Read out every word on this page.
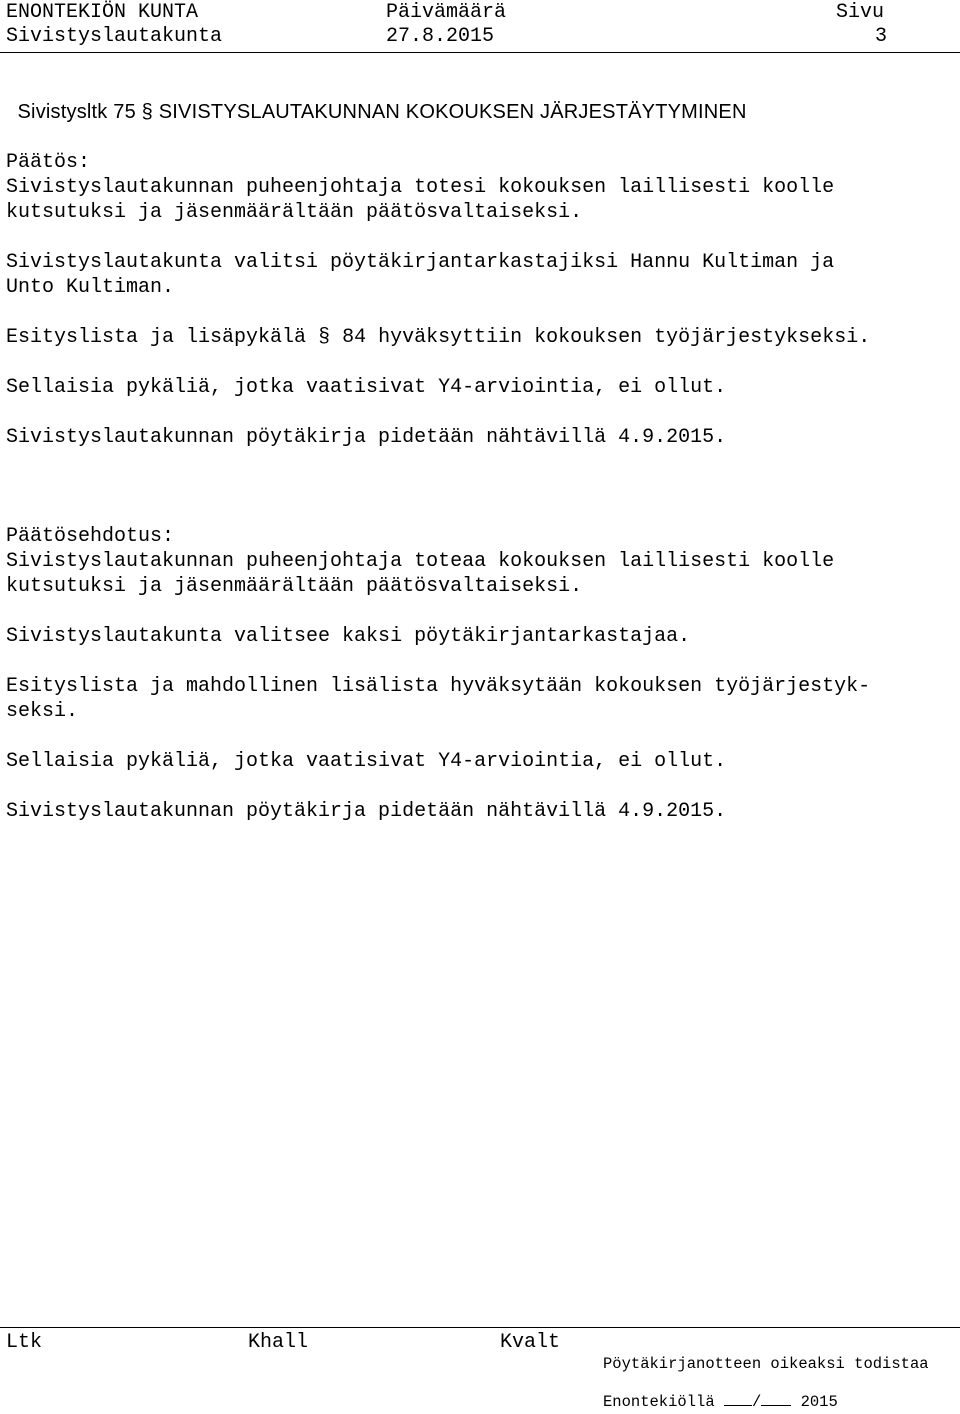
ENONTEKIÖN KUNTA	Päivämäärä	Sivu
Sivistyslautakunta	27.8.2015	3

Sivistysltk 75 § SIVISTYSLAUTAKUNNAN KOKOUKSEN JÄRJESTÄYTYMINEN

Päätös:
Sivistyslautakunnan puheenjohtaja totesi kokouksen laillisesti koolle
kutsutuksi ja jäsenmäärältään päätösvaltaiseksi.
Sivistyslautakunta valitsi pöytäkirjantarkastajiksi Hannu Kultiman ja
Unto Kultiman.
Esityslista ja lisäpykälä § 84 hyväksyttiin kokouksen työjärjestykseksi.
Sellaisia pykäliä, jotka vaatisivat Y4-arviointia, ei ollut.
Sivistyslautakunnan pöytäkirja pidetään nähtävillä 4.9.2015.
Päätösehdotus:
Sivistyslautakunnan puheenjohtaja toteaa kokouksen laillisesti koolle
kutsutuksi ja jäsenmäärältään päätösvaltaiseksi.
Sivistyslautakunta valitsee kaksi pöytäkirjantarkastajaa.
Esityslista ja mahdollinen lisälista hyväksytään kokouksen työjärjestyk-
seksi.
Sellaisia pykäliä, jotka vaatisivat Y4-arviointia, ei ollut.
Sivistyslautakunnan pöytäkirja pidetään nähtävillä 4.9.2015.
Ltk	Khall	Kvalt
Pöytäkirjanotteen oikeaksi todistaa
Enontekiöllä /	2015
